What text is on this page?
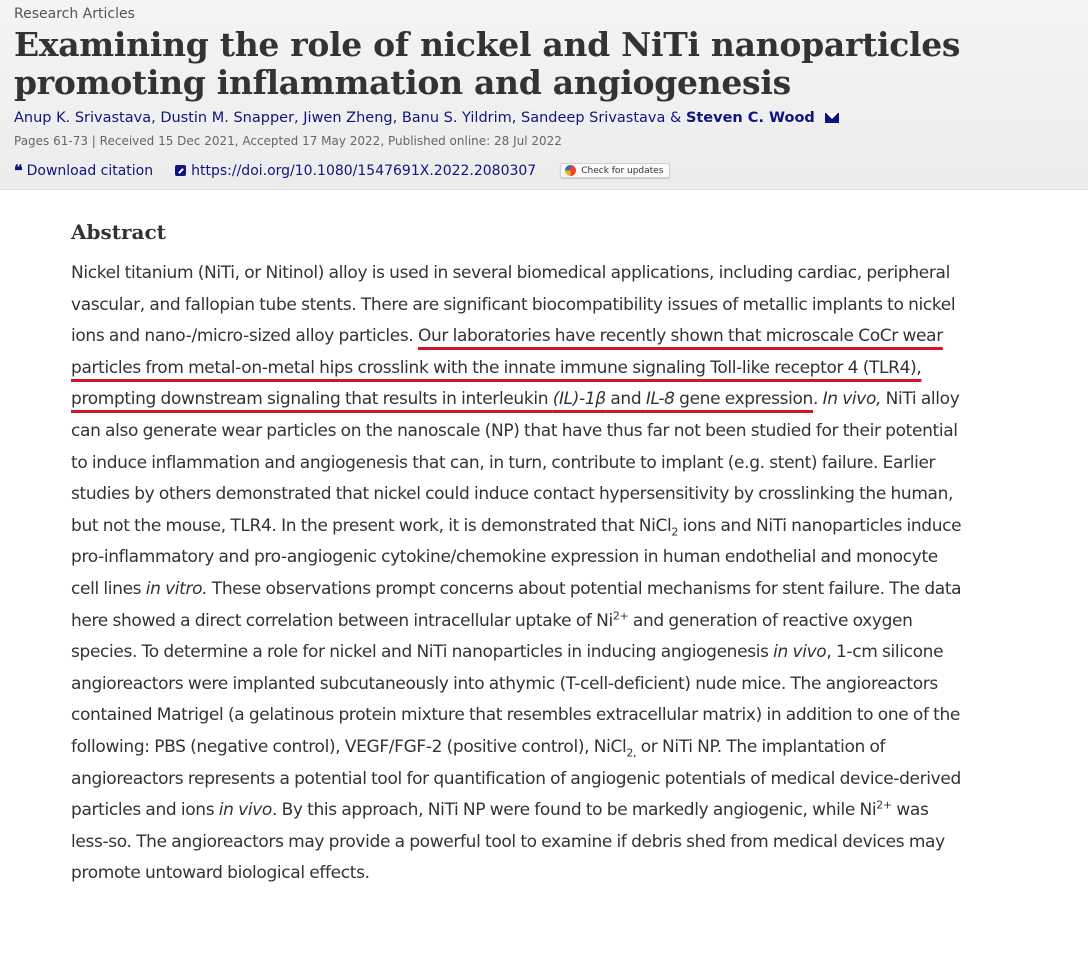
Research Articles

Examining the role of nickel and NiTi nanoparticles promoting inflammation and angiogenesis
Anup K. Srivastava, Dustin M. Snapper, Jiwen Zheng, Banu S. Yildrim, Sandeep Srivastava & Steven C. Wood
Pages 61-73 | Received 15 Dec 2021, Accepted 17 May 2022, Published online: 28 Jul 2022
❝ Download citation	https://doi.org/10.1080/1547691X.2022.2080307	Check for updates
Abstract

Nickel titanium (NiTi, or Nitinol) alloy is used in several biomedical applications, including cardiac, peripheral vascular, and fallopian tube stents. There are significant biocompatibility issues of metallic implants to nickel ions and nano-/micro-sized alloy particles. Our laboratories have recently shown that microscale CoCr wear particles from metal-on-metal hips crosslink with the innate immune signaling Toll-like receptor 4 (TLR4), prompting downstream signaling that results in interleukin (IL)-1β and IL-8 gene expression. In vivo, NiTi alloy can also generate wear particles on the nanoscale (NP) that have thus far not been studied for their potential to induce inflammation and angiogenesis that can, in turn, contribute to implant (e.g. stent) failure. Earlier studies by others demonstrated that nickel could induce contact hypersensitivity by crosslinking the human, but not the mouse, TLR4. In the present work, it is demonstrated that NiCl$_2$ ions and NiTi nanoparticles induce pro-inflammatory and pro-angiogenic cytokine/chemokine expression in human endothelial and monocyte cell lines in vitro. These observations prompt concerns about potential mechanisms for stent failure. The data here showed a direct correlation between intracellular uptake of $Ni^{2+}$ and generation of reactive oxygen species. To determine a role for nickel and NiTi nanoparticles in inducing angiogenesis in vivo, 1-cm silicone angioreactors were implanted subcutaneously into athymic (T-cell-deficient) nude mice. The angioreactors contained Matrigel (a gelatinous protein mixture that resembles extracellular matrix) in addition to one of the following: PBS (negative control), VEGF/FGF-2 (positive control), NiCl$_{2,}$ or NiTi NP. The implantation of angioreactors represents a potential tool for quantification of angiogenic potentials of medical device-derived particles and ions in vivo. By this approach, NiTi NP were found to be markedly angiogenic, while $Ni^{2+}$ was less-so. The angioreactors may provide a powerful tool to examine if debris shed from medical devices may promote untoward biological effects.
